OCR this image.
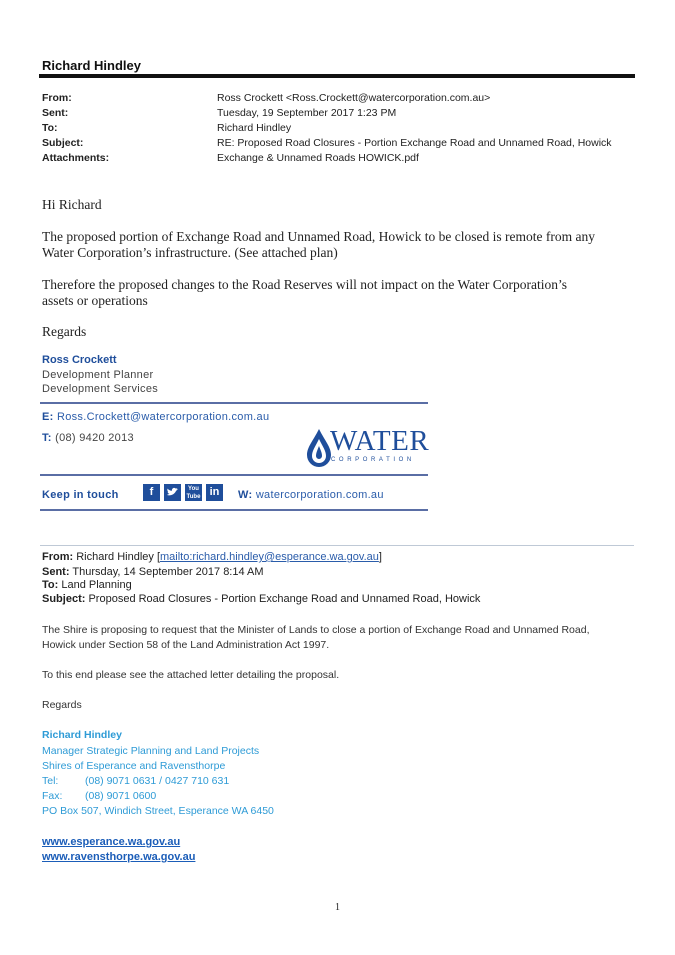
Richard Hindley
From:	Ross Crockett <Ross.Crockett@watercorporation.com.au>
Sent:	Tuesday, 19 September 2017 1:23 PM
To:	Richard Hindley
Subject:	RE: Proposed Road Closures - Portion Exchange Road and Unnamed Road, Howick
Attachments:	Exchange & Unnamed Roads HOWICK.pdf
Hi Richard
The proposed portion of Exchange Road and Unnamed Road, Howick to be closed is remote from any
Water Corporation’s infrastructure. (See attached plan)
Therefore the proposed changes to the Road Reserves will not impact on the Water Corporation’s
assets or operations
Regards
Ross Crockett
Development Planner
Development Services
E: Ross.Crockett@watercorporation.com.au
T: (08) 9420 2013	WATER
CORPORATION
Keep in touch	f	You Tube in	W: watercorporation.com.au
From: Richard Hindley [mailto:richard.hindley@esperance.wa.gov.au]
Sent: Thursday, 14 September 2017 8:14 AM
To: Land Planning
Subject: Proposed Road Closures - Portion Exchange Road and Unnamed Road, Howick
The Shire is proposing to request that the Minister of Lands to close a portion of Exchange Road and Unnamed Road,
Howick under Section 58 of the Land Administration Act 1997.
To this end please see the attached letter detailing the proposal.
Regards
Richard Hindley
Manager Strategic Planning and Land Projects
Shires of Esperance and Ravensthorpe
Tel:	(08) 9071 0631 / 0427 710 631
Fax: (08) 9071 0600
PO Box 507, Windich Street, Esperance WA 6450
www.esperance.wa.gov.au
www.ravensthorpe.wa.gov.au
1
